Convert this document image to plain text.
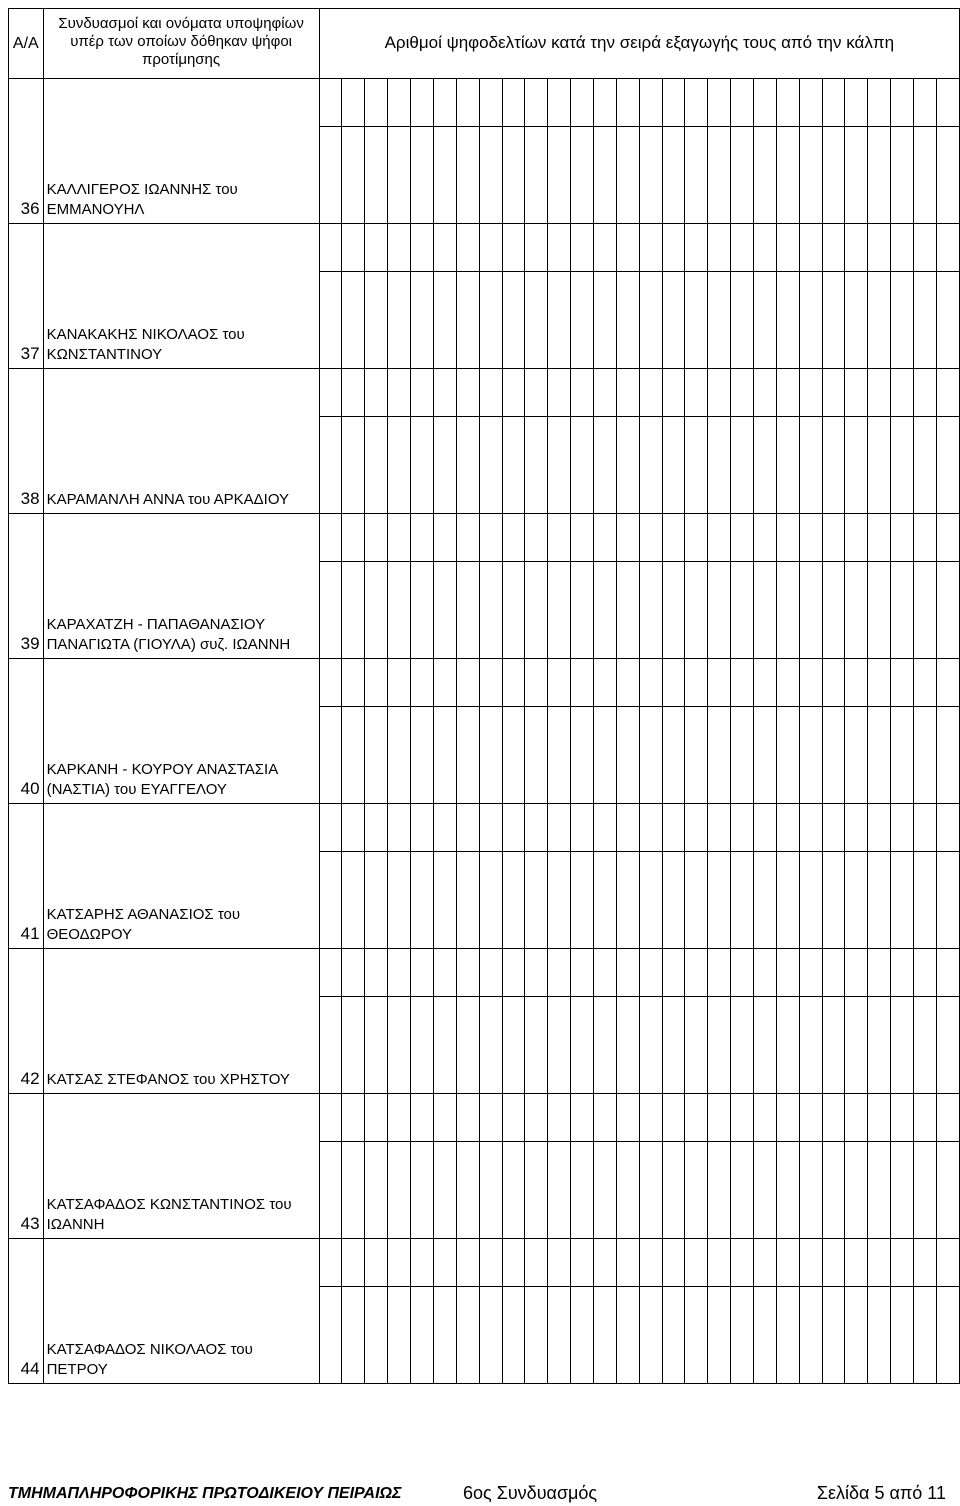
Α/Α	Συνδυασμοί και ονόματα υποψηφίων υπέρ των οποίων δόθηκαν ψήφοι προτίμησης	Αριθμοί ψηφοδελτίων κατά την σειρά εξαγωγής τους από την κάλπη																											
36	ΚΑΛΛΙΓΕΡΟΣ ΙΩΑΝΝΗΣ του
ΕΜΜΑΝΟΥΗΛ																												

37	ΚΑΝΑΚΑΚΗΣ ΝΙΚΟΛΑΟΣ του
ΚΩΝΣΤΑΝΤΙΝΟΥ																												

38	ΚΑΡΑΜΑΝΛΗ ΑΝΝΑ του ΑΡΚΑΔΙΟΥ																												

39	ΚΑΡΑΧΑΤΖΗ - ΠΑΠΑΘΑΝΑΣΙΟΥ
ΠΑΝΑΓΙΩΤΑ (ΓΙΟΥΛΑ) συζ. ΙΩΑΝΝΗ																												

40	ΚΑΡΚΑΝΗ - ΚΟΥΡΟΥ ΑΝΑΣΤΑΣΙΑ
(ΝΑΣΤΙΑ) του ΕΥΑΓΓΕΛΟΥ																												

41	ΚΑΤΣΑΡΗΣ ΑΘΑΝΑΣΙΟΣ του
ΘΕΟΔΩΡΟΥ																												

42	ΚΑΤΣΑΣ ΣΤΕΦΑΝΟΣ του ΧΡΗΣΤΟΥ																												

43	ΚΑΤΣΑΦΑΔΟΣ ΚΩΝΣΤΑΝΤΙΝΟΣ του
ΙΩΑΝΝΗ																												

44	ΚΑΤΣΑΦΑΔΟΣ ΝΙΚΟΛΑΟΣ του
ΠΕΤΡΟΥ																												

ΤΜΗΜΑΠΛΗΡΟΦΟΡΙΚΗΣ ΠΡΩΤΟΔΙΚΕΙΟΥ ΠΕΙΡΑΙΩΣ	6ος Συνδυασμός	Σελίδα 5 από 11
